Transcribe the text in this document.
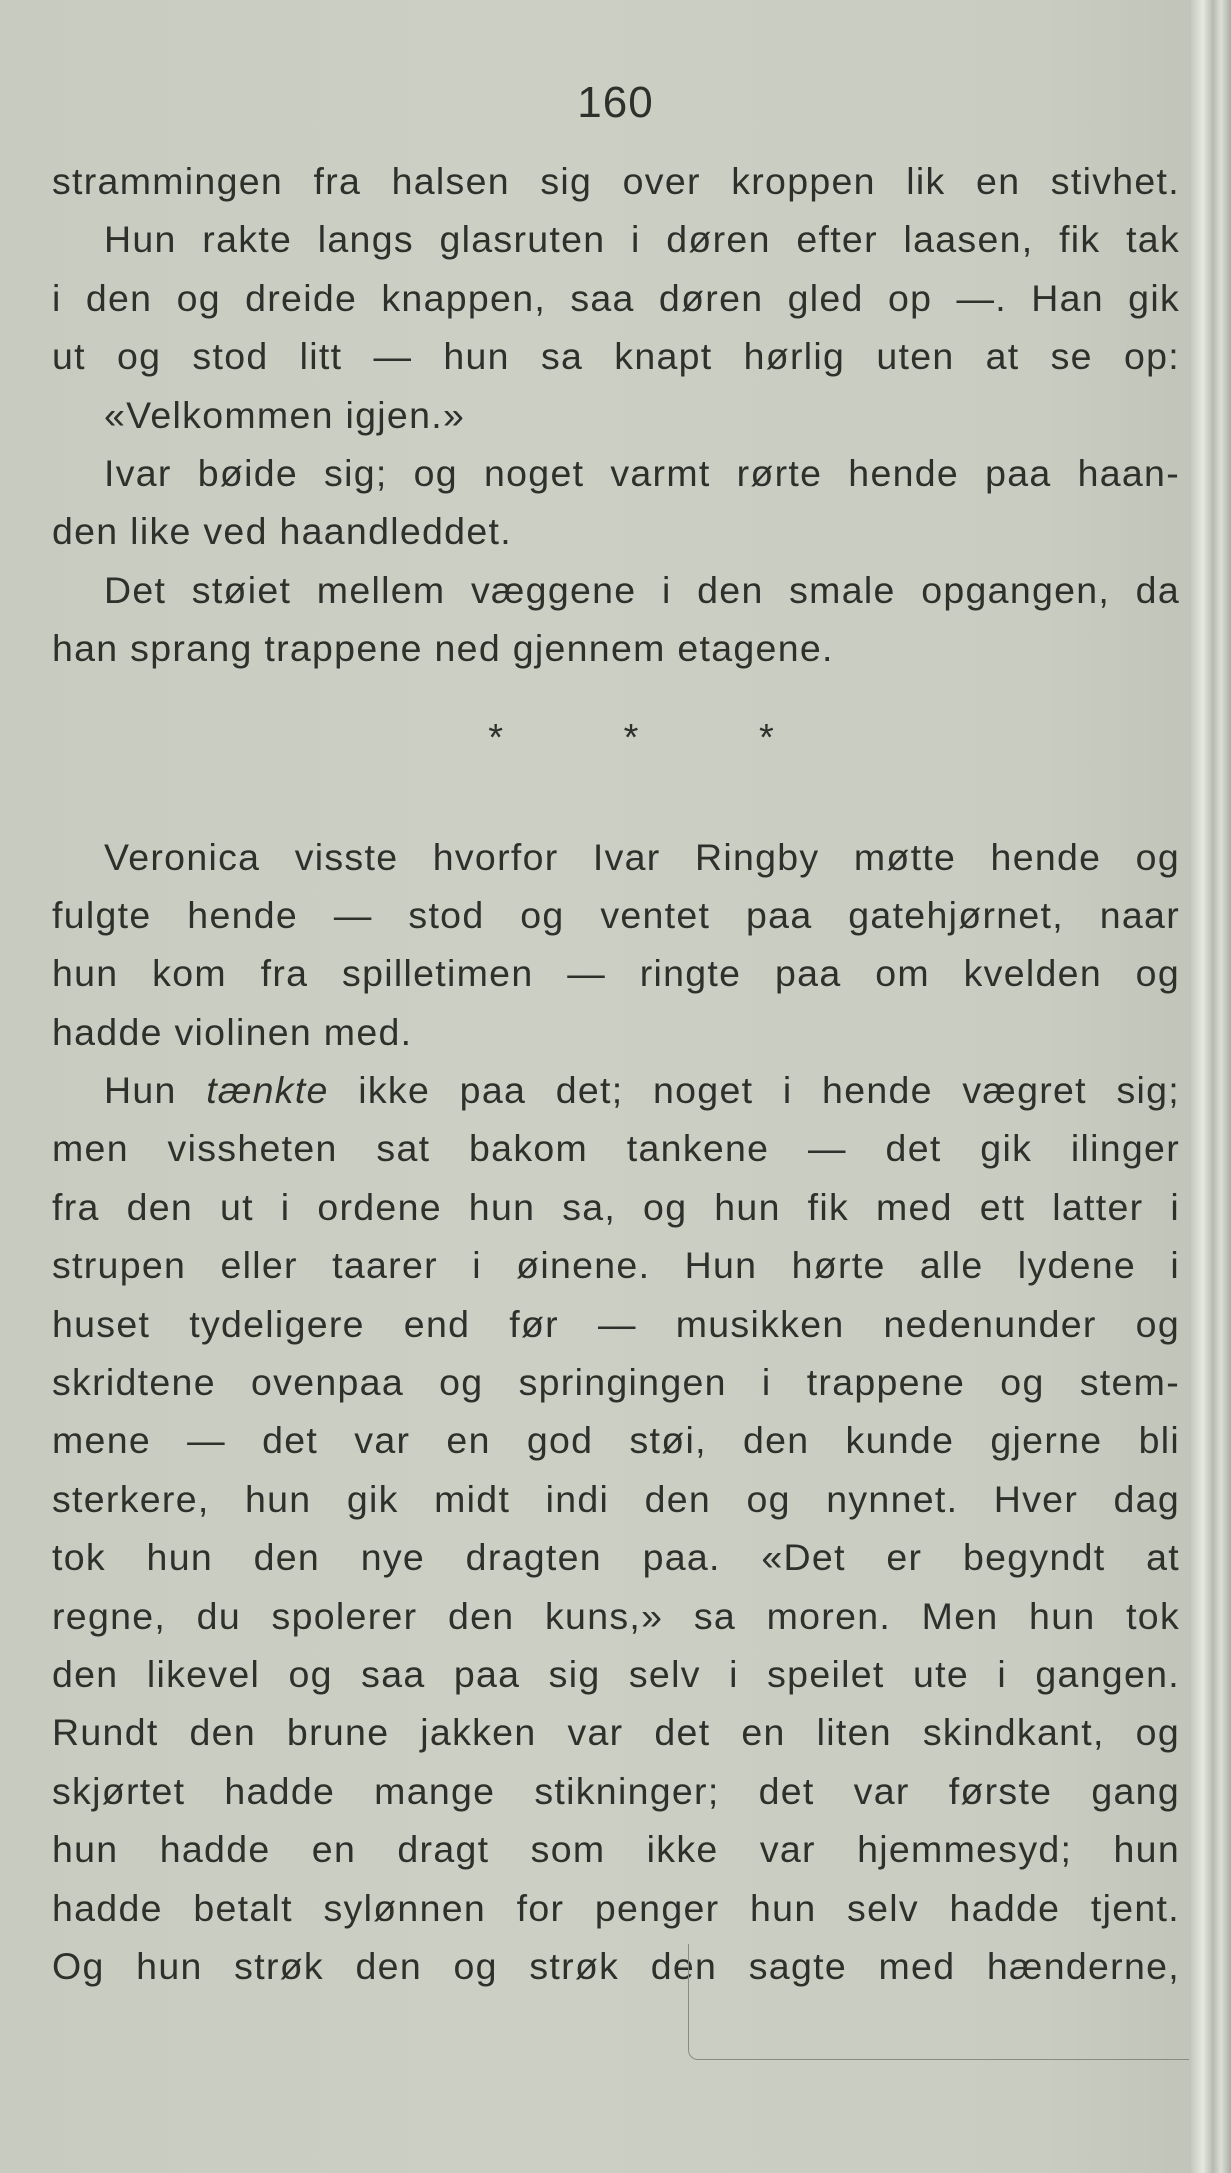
160
strammingen fra halsen sig over kroppen lik en stivhet.
Hun rakte langs glasruten i døren efter laasen, fik tak
i den og dreide knappen, saa døren gled op —. Han gik
ut og stod litt — hun sa knapt hørlig uten at se op:
«Velkommen igjen.»
Ivar bøide sig; og noget varmt rørte hende paa haan-
den like ved haandleddet.
Det støiet mellem væggene i den smale opgangen, da
han sprang trappene ned gjennem etagene.
* * *
Veronica visste hvorfor Ivar Ringby møtte hende og
fulgte hende — stod og ventet paa gatehjørnet, naar
hun kom fra spilletimen — ringte paa om kvelden og
hadde violinen med.
Hun tænkte ikke paa det; noget i hende vægret sig;
men vissheten sat bakom tankene — det gik ilinger
fra den ut i ordene hun sa, og hun fik med ett latter i
strupen eller taarer i øinene. Hun hørte alle lydene i
huset tydeligere end før — musikken nedenunder og
skridtene ovenpaa og springingen i trappene og stem-
mene — det var en god støi, den kunde gjerne bli
sterkere, hun gik midt indi den og nynnet. Hver dag
tok hun den nye dragten paa. «Det er begyndt at
regne, du spolerer den kuns,» sa moren. Men hun tok
den likevel og saa paa sig selv i speilet ute i gangen.
Rundt den brune jakken var det en liten skindkant, og
skjørtet hadde mange stikninger; det var første gang
hun hadde en dragt som ikke var hjemmesyd; hun
hadde betalt sylønnen for penger hun selv hadde tjent.
Og hun strøk den og strøk den sagte med hænderne,
